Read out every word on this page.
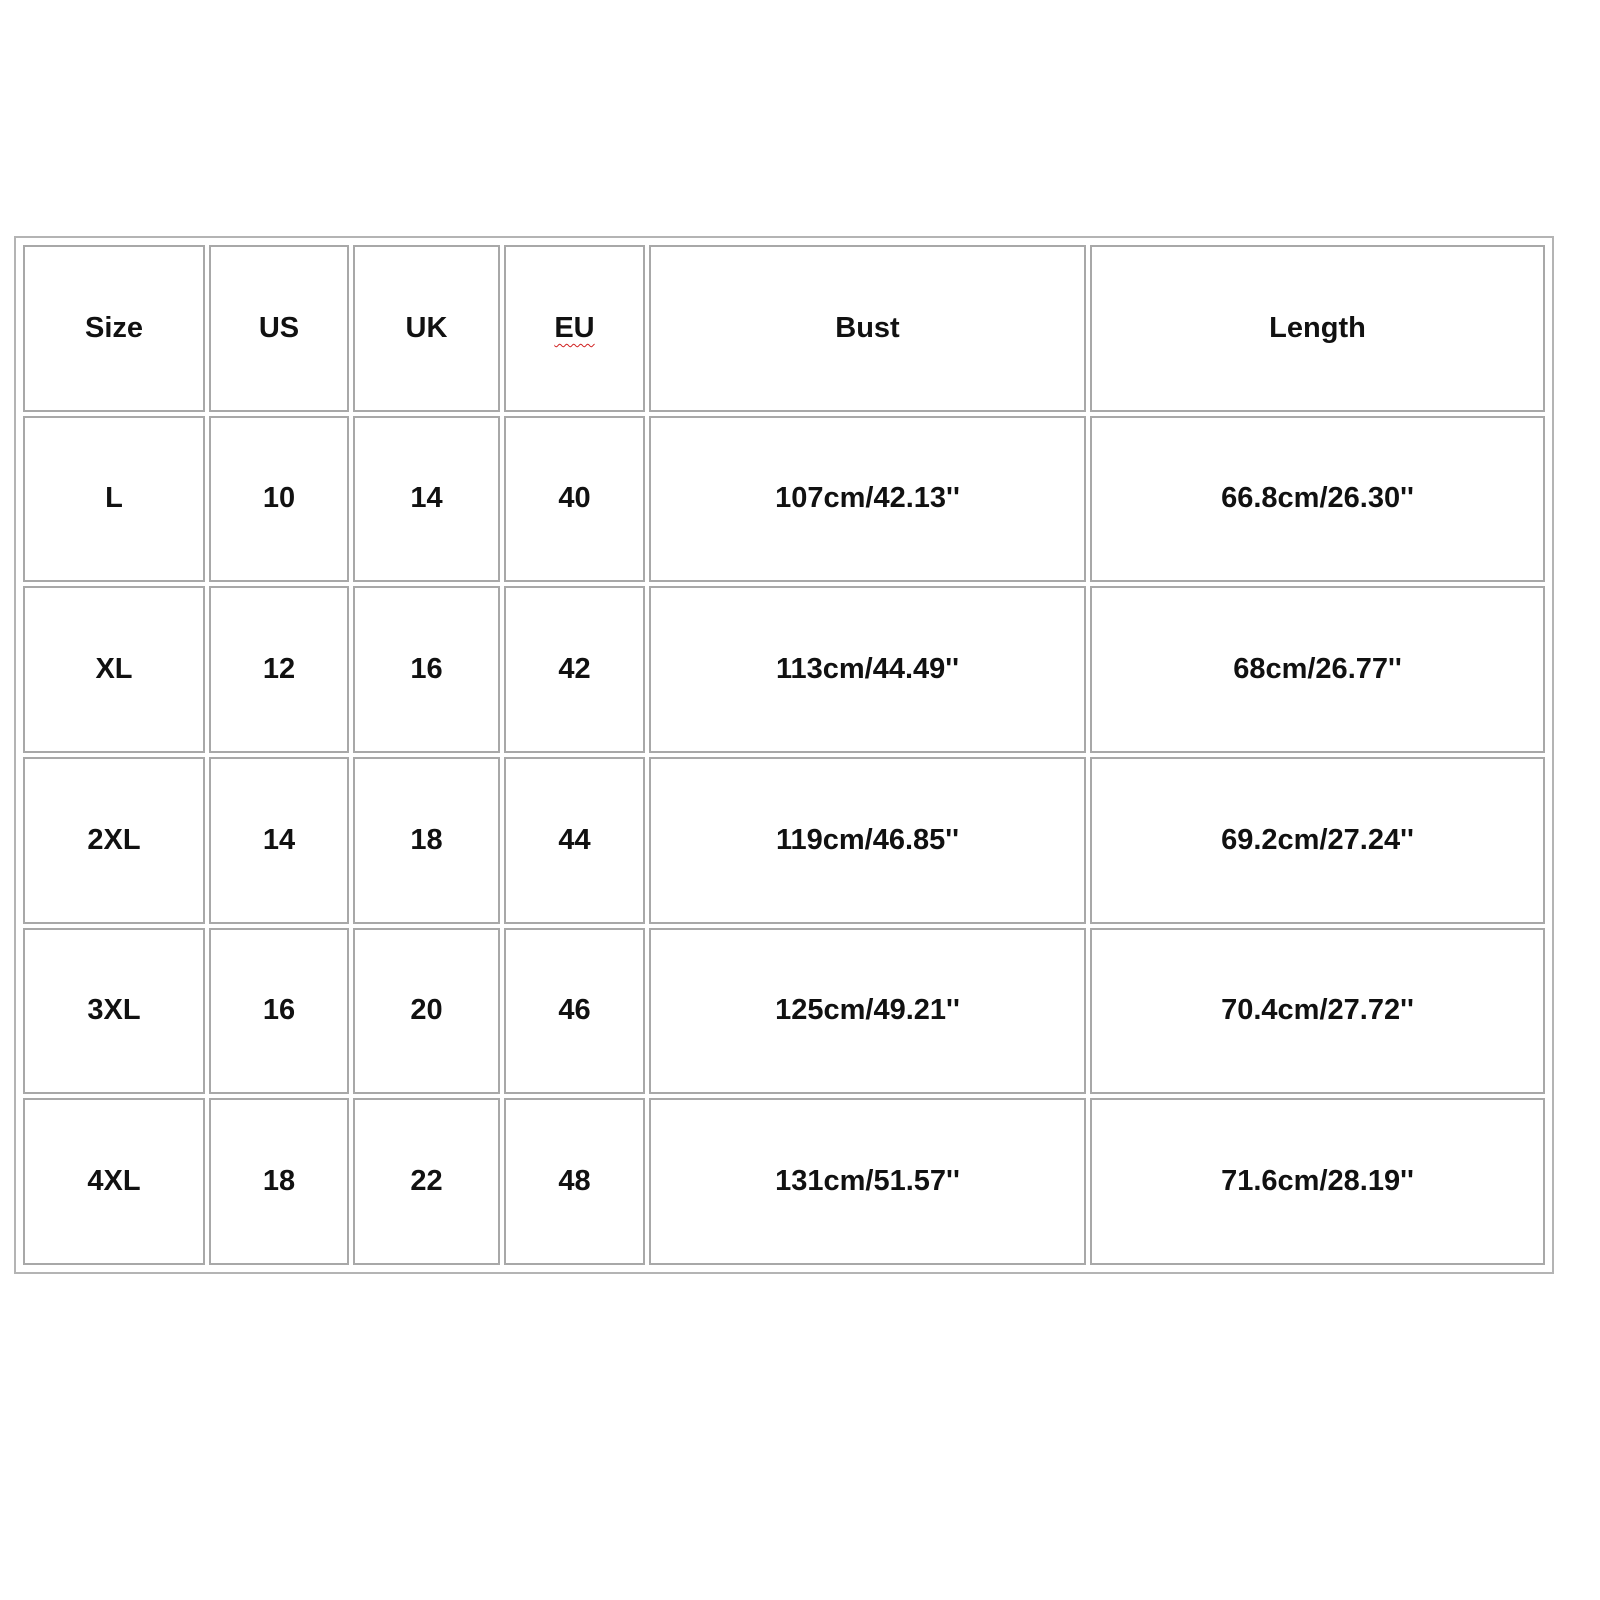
Size	US	UK	EU	Bust	Length
L	10	14	40	107cm/42.13''	66.8cm/26.30''
XL	12	16	42	113cm/44.49''	68cm/26.77''
2XL	14	18	44	119cm/46.85''	69.2cm/27.24''
3XL	16	20	46	125cm/49.21''	70.4cm/27.72''
4XL	18	22	48	131cm/51.57''	71.6cm/28.19''
